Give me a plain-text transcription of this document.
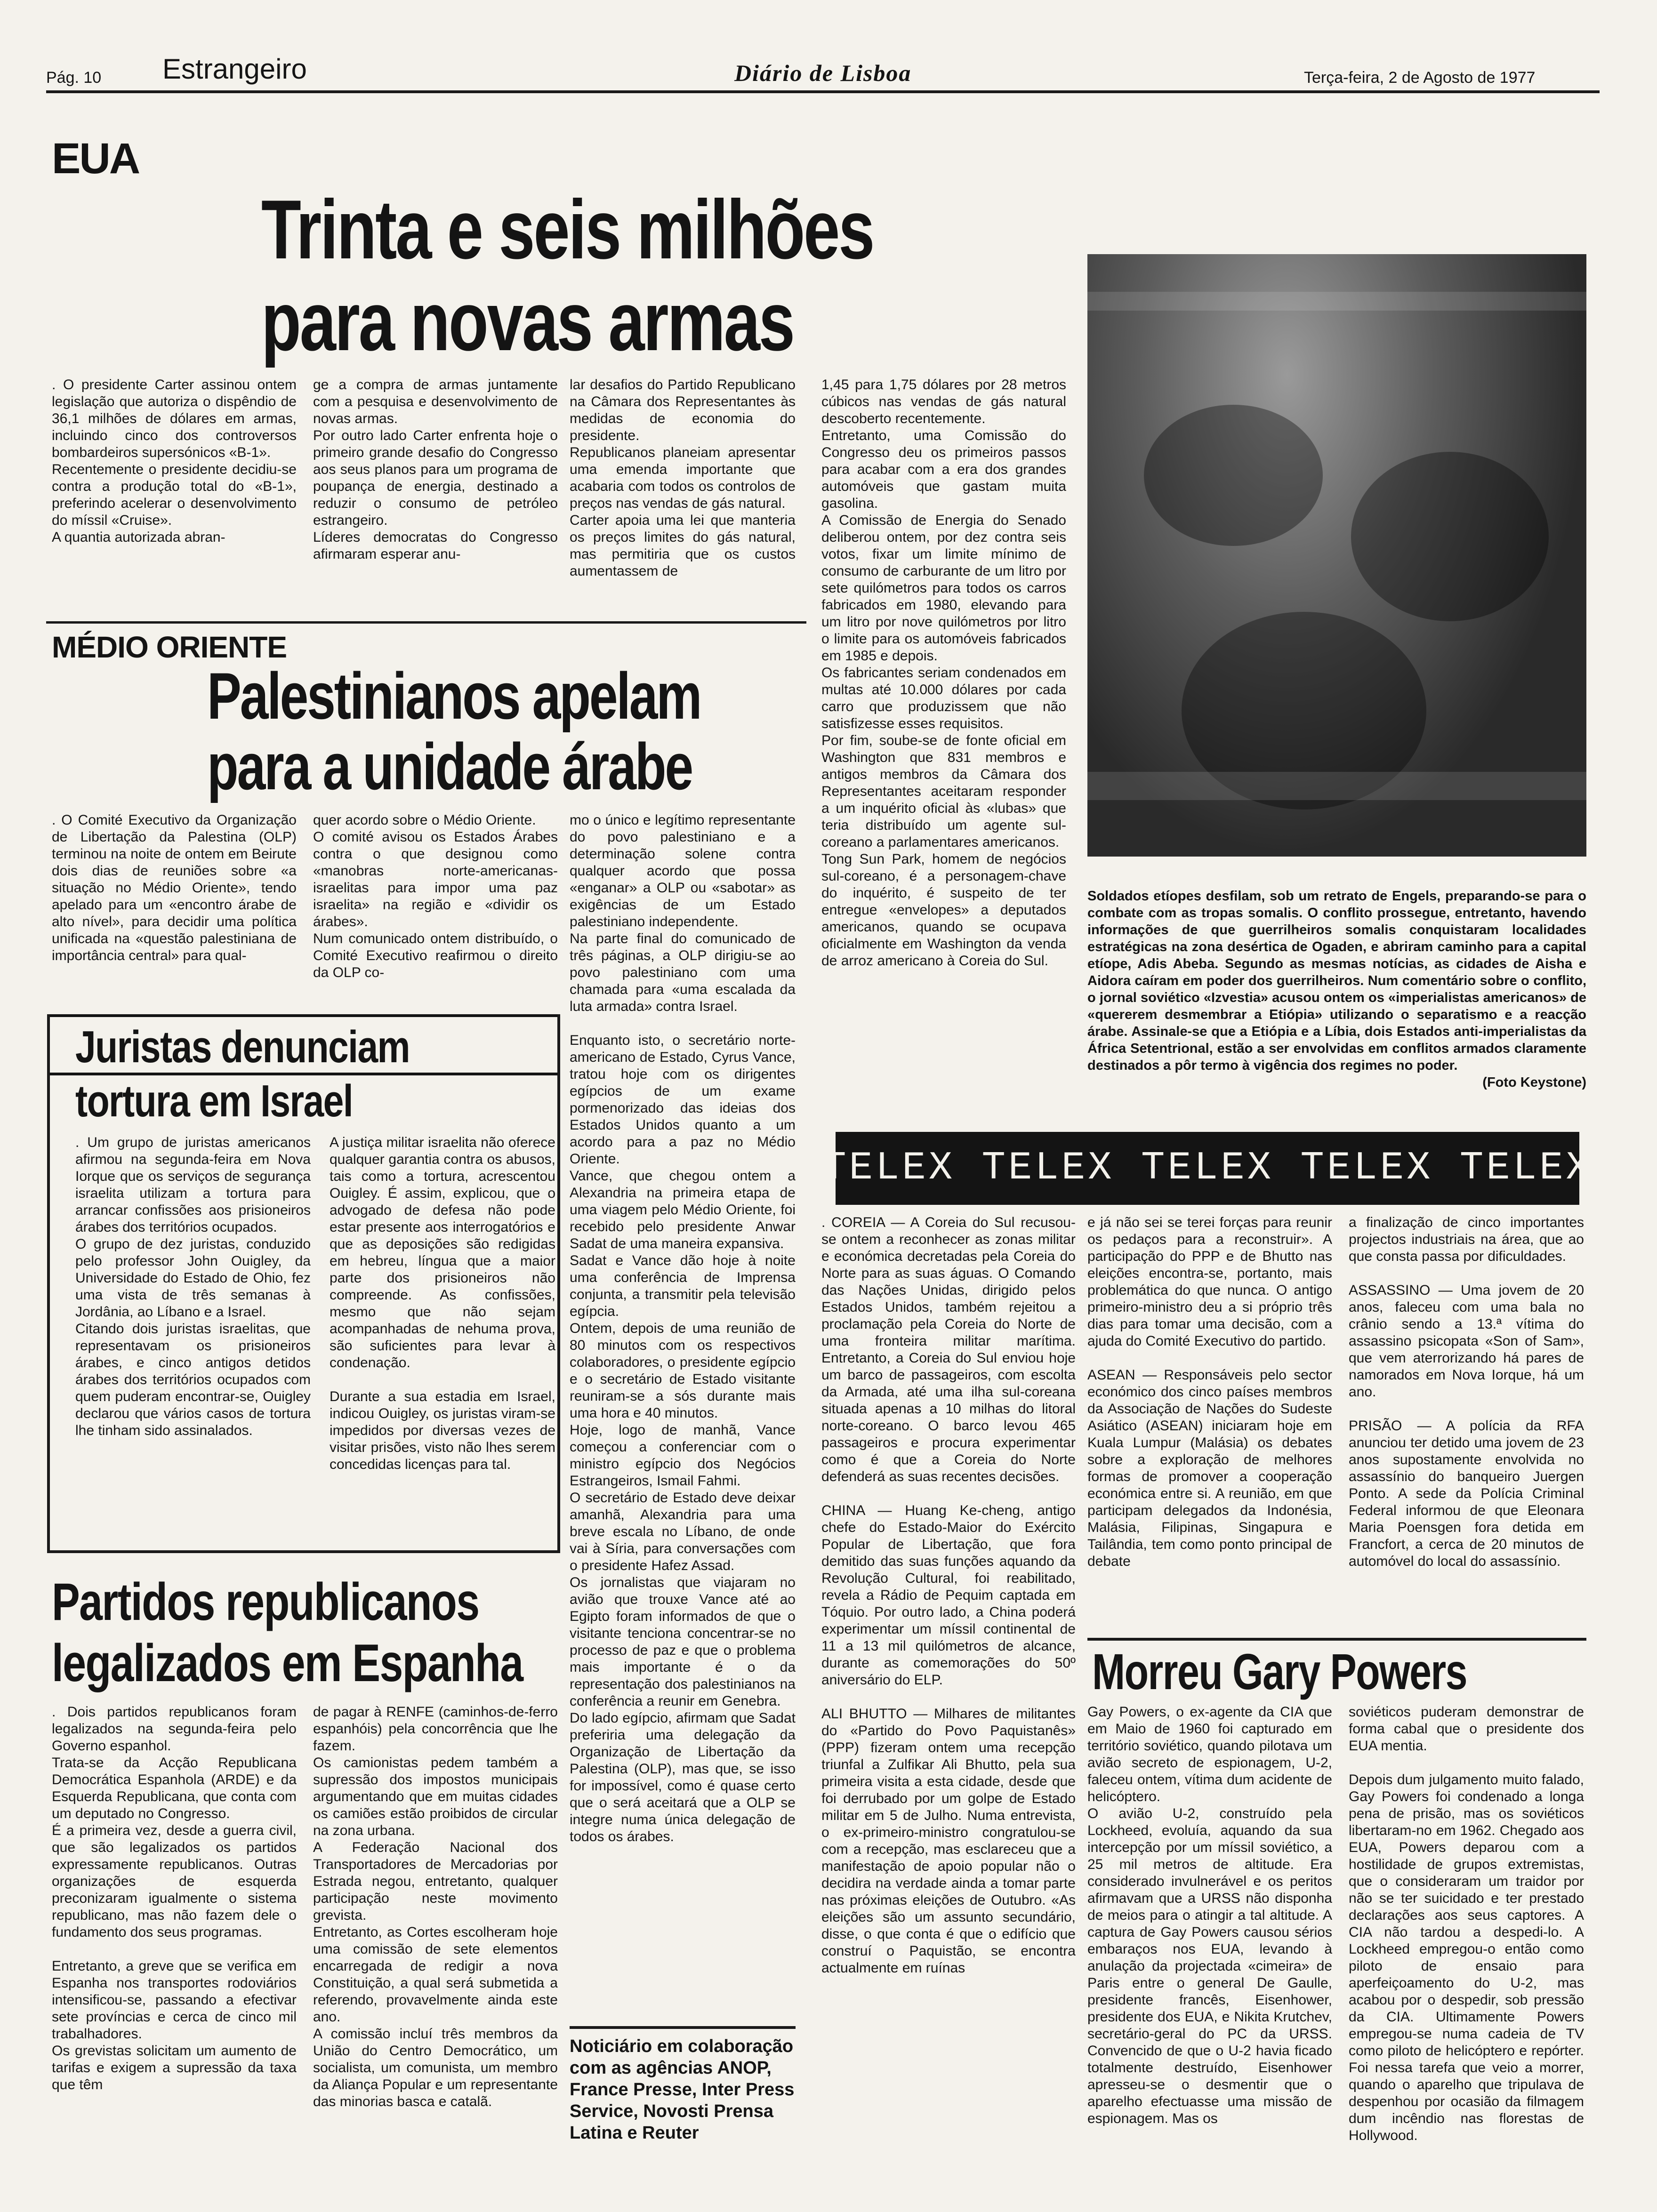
Pág. 10 Estrangeiro	Diário de Lisboa	Terça-feira, 2 de Agosto de 1977
EUA
Trinta e seis milhões
para novas armas
. O presidente Carter assinou ontem legislação que autoriza o dispêndio de 36,1 milhões de dólares em armas, incluindo cinco dos controversos bombardeiros supersónicos «B-1».
Recentemente o presidente decidiu-se contra a produção total do «B-1», preferindo acelerar o desenvolvimento do míssil «Cruise».
A quantia autorizada abran-
ge a compra de armas juntamente com a pesquisa e desenvolvimento de novas armas.
Por outro lado Carter enfrenta hoje o primeiro grande desafio do Congresso aos seus planos para um programa de poupança de energia, destinado a reduzir o consumo de petróleo estrangeiro.
Líderes democratas do Congresso afirmaram esperar anu-
lar desafios do Partido Republicano na Câmara dos Representantes às medidas de economia do presidente.
Republicanos planeiam apresentar uma emenda importante que acabaria com todos os controlos de preços nas vendas de gás natural.
Carter apoia uma lei que manteria os preços limites do gás natural, mas permitiria que os custos aumentassem de
1,45 para 1,75 dólares por 28 metros cúbicos nas vendas de gás natural descoberto recentemente.
Entretanto, uma Comissão do Congresso deu os primeiros passos para acabar com a era dos grandes automóveis que gastam muita gasolina.
A Comissão de Energia do Senado deliberou ontem, por dez contra seis votos, fixar um limite mínimo de consumo de carburante de um litro por sete quilómetros para todos os carros fabricados em 1980, elevando para um litro por nove quilómetros por litro o limite para os automóveis fabricados em 1985 e depois.
Os fabricantes seriam condenados em multas até 10.000 dólares por cada carro que produzissem que não satisfizesse esses requisitos.
Por fim, soube-se de fonte oficial em Washington que 831 membros e antigos membros da Câmara dos Representantes aceitaram responder a um inquérito oficial às «lubas» que teria distribuído um agente sul-coreano a parlamentares americanos.
Tong Sun Park, homem de negócios sul-coreano, é a personagem-chave do inquérito, é suspeito de ter entregue «envelopes» a deputados americanos, quando se ocupava oficialmente em Washington da venda de arroz americano à Coreia do Sul.

Soldados etíopes desfilam, sob um retrato de Engels, preparando-se para o combate com as tropas somalis. O conflito prossegue, entretanto, havendo informações de que guerrilheiros somalis conquistaram localidades estratégicas na zona desértica de Ogaden, e abriram caminho para a capital etíope, Adis Abeba. Segundo as mesmas notícias, as cidades de Aisha e Aidora caíram em poder dos guerrilheiros. Num comentário sobre o conflito, o jornal soviético «Izvestia» acusou ontem os «imperialistas americanos» de «quererem desmembrar a Etiópia» utilizando o separatismo e a reacção árabe. Assinale-se que a Etiópia e a Líbia, dois Estados anti-imperialistas da África Setentrional, estão a ser envolvidas em conflitos armados claramente destinados a pôr termo à vigência dos regimes no poder.

(Foto Keystone)

MÉDIO ORIENTE
Palestinianos apelam
para a unidade árabe
. O Comité Executivo da Organização de Libertação da Palestina (OLP) terminou na noite de ontem em Beirute dois dias de reuniões sobre «a situação no Médio Oriente», tendo apelado para um «encontro árabe de alto nível», para decidir uma política unificada na «questão palestiniana de importância central» para qual-
quer acordo sobre o Médio Oriente.
O comité avisou os Estados Árabes contra o que designou como «manobras norte-americanas-israelitas para impor uma paz israelita» na região e «dividir os árabes».
Num comunicado ontem distribuído, o Comité Executivo reafirmou o direito da OLP co-
mo o único e legítimo representante do povo palestiniano e a determinação solene contra qualquer acordo que possa «enganar» a OLP ou «sabotar» as exigências de um Estado palestiniano independente.
Na parte final do comunicado de três páginas, a OLP dirigiu-se ao povo palestiniano com uma chamada para «uma escalada da luta armada» contra Israel.

Enquanto isto, o secretário norte-americano de Estado, Cyrus Vance, tratou hoje com os dirigentes egípcios de um exame pormenorizado das ideias dos Estados Unidos quanto a um acordo para a paz no Médio Oriente.
Vance, que chegou ontem a Alexandria na primeira etapa de uma viagem pelo Médio Oriente, foi recebido pelo presidente Anwar Sadat de uma maneira expansiva.
Sadat e Vance dão hoje à noite uma conferência de Imprensa conjunta, a transmitir pela televisão egípcia.
Ontem, depois de uma reunião de 80 minutos com os respectivos colaboradores, o presidente egípcio e o secretário de Estado visitante reuniram-se a sós durante mais uma hora e 40 minutos.
Hoje, logo de manhã, Vance começou a conferenciar com o ministro egípcio dos Negócios Estrangeiros, Ismail Fahmi.
O secretário de Estado deve deixar amanhã, Alexandria para uma breve escala no Líbano, de onde vai à Síria, para conversações com o presidente Hafez Assad.
Os jornalistas que viajaram no avião que trouxe Vance até ao Egipto foram informados de que o visitante tenciona concentrar-se no processo de paz e que o problema mais importante é o da representação dos palestinianos na conferência a reunir em Genebra.
Do lado egípcio, afirmam que Sadat preferiria uma delegação da Organização de Libertação da Palestina (OLP), mas que, se isso for impossível, como é quase certo que o será aceitará que a OLP se integre numa única delegação de todos os árabes.
Juristas denunciam
tortura em Israel
. Um grupo de juristas americanos afirmou na segunda-feira em Nova Iorque que os serviços de segurança israelita utilizam a tortura para arrancar confissões aos prisioneiros árabes dos territórios ocupados.
O grupo de dez juristas, conduzido pelo professor John Ouigley, da Universidade do Estado de Ohio, fez uma vista de três semanas à Jordânia, ao Líbano e a Israel.
Citando dois juristas israelitas, que representavam os prisioneiros árabes, e cinco antigos detidos árabes dos territórios ocupados com quem puderam encontrar-se, Ouigley declarou que vários casos de tortura lhe tinham sido assinalados.
A justiça militar israelita não oferece qualquer garantia contra os abusos, tais como a tortura, acrescentou Ouigley. É assim, explicou, que o advogado de defesa não pode estar presente aos interrogatórios e que as deposições são redigidas em hebreu, língua que a maior parte dos prisioneiros não compreende. As confissões, mesmo que não sejam acompanhadas de nehuma prova, são suficientes para levar à condenação.

Durante a sua estadia em Israel, indicou Ouigley, os juristas viram-se impedidos por diversas vezes de visitar prisões, visto não lhes serem concedidas licenças para tal.
Partidos republicanos
legalizados em Espanha
. Dois partidos republicanos foram legalizados na segunda-feira pelo Governo espanhol.
Trata-se da Acção Republicana Democrática Espanhola (ARDE) e da Esquerda Republicana, que conta com um deputado no Congresso.
É a primeira vez, desde a guerra civil, que são legalizados os partidos expressamente republicanos. Outras organizações de esquerda preconizaram igualmente o sistema republicano, mas não fazem dele o fundamento dos seus programas.

Entretanto, a greve que se verifica em Espanha nos transportes rodoviários intensificou-se, passando a efectivar sete províncias e cerca de cinco mil trabalhadores.
Os grevistas solicitam um aumento de tarifas e exigem a supressão da taxa que têm
de pagar à RENFE (caminhos-de-ferro espanhóis) pela concorrência que lhe fazem.
Os camionistas pedem também a supressão dos impostos municipais argumentando que em muitas cidades os camiões estão proibidos de circular na zona urbana.
A Federação Nacional dos Transportadores de Mercadorias por Estrada negou, entretanto, qualquer participação neste movimento grevista.
Entretanto, as Cortes escolheram hoje uma comissão de sete elementos encarregada de redigir a nova Constituição, a qual será submetida a referendo, provavelmente ainda este ano.
A comissão incluí três membros da União do Centro Democrático, um socialista, um comunista, um membro da Aliança Popular e um representante das minorias basca e catalã.
Noticiário em colaboração com as agências ANOP, France Presse, Inter Press Service, Novosti Prensa Latina e Reuter
TELEX TELEX TELEX TELEX TELEX
. COREIA — A Coreia do Sul recusou-se ontem a reconhecer as zonas militar e económica decretadas pela Coreia do Norte para as suas águas. O Comando das Nações Unidas, dirigido pelos Estados Unidos, também rejeitou a proclamação pela Coreia do Norte de uma fronteira militar marítima. Entretanto, a Coreia do Sul enviou hoje um barco de passageiros, com escolta da Armada, até uma ilha sul-coreana situada apenas a 10 milhas do litoral norte-coreano. O barco levou 465 passageiros e procura experimentar como é que a Coreia do Norte defenderá as suas recentes decisões.

CHINA — Huang Ke-cheng, antigo chefe do Estado-Maior do Exército Popular de Libertação, que fora demitido das suas funções aquando da Revolução Cultural, foi reabilitado, revela a Rádio de Pequim captada em Tóquio. Por outro lado, a China poderá experimentar um míssil continental de 11 a 13 mil quilómetros de alcance, durante as comemorações do 50º aniversário do ELP.

ALI BHUTTO — Milhares de militantes do «Partido do Povo Paquistanês» (PPP) fizeram ontem uma recepção triunfal a Zulfikar Ali Bhutto, pela sua primeira visita a esta cidade, desde que foi derrubado por um golpe de Estado militar em 5 de Julho. Numa entrevista, o ex-primeiro-ministro congratulou-se com a recepção, mas esclareceu que a manifestação de apoio popular não o decidira na verdade ainda a tomar parte nas próximas eleições de Outubro. «As eleições são um assunto secundário, disse, o que conta é que o edifício que construí o Paquistão, se encontra actualmente em ruínas
e já não sei se terei forças para reunir os pedaços para a reconstruir». A participação do PPP e de Bhutto nas eleições encontra-se, portanto, mais problemática do que nunca. O antigo primeiro-ministro deu a si próprio três dias para tomar uma decisão, com a ajuda do Comité Executivo do partido.

ASEAN — Responsáveis pelo sector económico dos cinco países membros da Associação de Nações do Sudeste Asiático (ASEAN) iniciaram hoje em Kuala Lumpur (Malásia) os debates sobre a exploração de melhores formas de promover a cooperação económica entre si. A reunião, em que participam delegados da Indonésia, Malásia, Filipinas, Singapura e Tailândia, tem como ponto principal de debate
a finalização de cinco importantes projectos industriais na área, que ao que consta passa por dificuldades.

ASSASSINO — Uma jovem de 20 anos, faleceu com uma bala no crânio sendo a 13.ª vítima do assassino psicopata «Son of Sam», que vem aterrorizando há pares de namorados em Nova Iorque, há um ano.

PRISÃO — A polícia da RFA anunciou ter detido uma jovem de 23 anos supostamente envolvida no assassínio do banqueiro Juergen Ponto. A sede da Polícia Criminal Federal informou de que Eleonara Maria Poensgen fora detida em Francfort, a cerca de 20 minutos de automóvel do local do assassínio.
Morreu Gary Powers
Gay Powers, o ex-agente da CIA que em Maio de 1960 foi capturado em território soviético, quando pilotava um avião secreto de espionagem, U-2, faleceu ontem, vítima dum acidente de helicóptero.
O avião U-2, construído pela Lockheed, evoluía, aquando da sua intercepção por um míssil soviético, a 25 mil metros de altitude. Era considerado invulnerável e os peritos afirmavam que a URSS não disponha de meios para o atingir a tal altitude. A captura de Gay Powers causou sérios embaraços nos EUA, levando à anulação da projectada «cimeira» de Paris entre o general De Gaulle, presidente francês, Eisenhower, presidente dos EUA, e Nikita Krutchev, secretário-geral do PC da URSS. Convencido de que o U-2 havia ficado totalmente destruído, Eisenhower apresseu-se o desmentir que o aparelho efectuasse uma missão de espionagem. Mas os
soviéticos puderam demonstrar de forma cabal que o presidente dos EUA mentia.

Depois dum julgamento muito falado, Gay Powers foi condenado a longa pena de prisão, mas os soviéticos libertaram-no em 1962. Chegado aos EUA, Powers deparou com a hostilidade de grupos extremistas, que o consideraram um traidor por não se ter suicidado e ter prestado declarações aos seus captores. A CIA não tardou a despedi-lo. A Lockheed empregou-o então como piloto de ensaio para aperfeiçoamento do U-2, mas acabou por o despedir, sob pressão da CIA. Ultimamente Powers empregou-se numa cadeia de TV como piloto de helicóptero e repórter. Foi nessa tarefa que veio a morrer, quando o aparelho que tripulava de despenhou por ocasião da filmagem dum incêndio nas florestas de Hollywood.
